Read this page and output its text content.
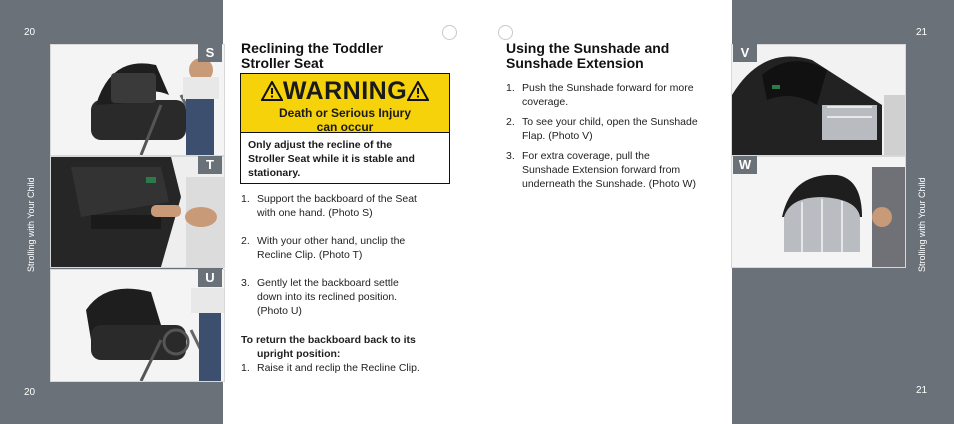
20
20
Strolling with Your Child
S
T
U
Reclining the Toddler
Stroller Seat
WARNING
Death or Serious Injury
can occur
Only adjust the recline of the
Stroller Seat while it is stable and
stationary.
1. Support the backboard of the Seat
with one hand. (Photo S)
2. With your other hand, unclip the
Recline Clip. (Photo T)
3. Gently let the backboard settle
down into its reclined position.
(Photo U)
To return the backboard back to its
upright position:
1. Raise it and reclip the Recline Clip.
Using the Sunshade and
Sunshade Extension
1. Push the Sunshade forward for more
coverage.
2. To see your child, open the Sunshade
Flap. (Photo V)
3. For extra coverage, pull the
Sunshade Extension forward from
underneath the Sunshade. (Photo W)
V
W
21
21
Strolling with Your Child
